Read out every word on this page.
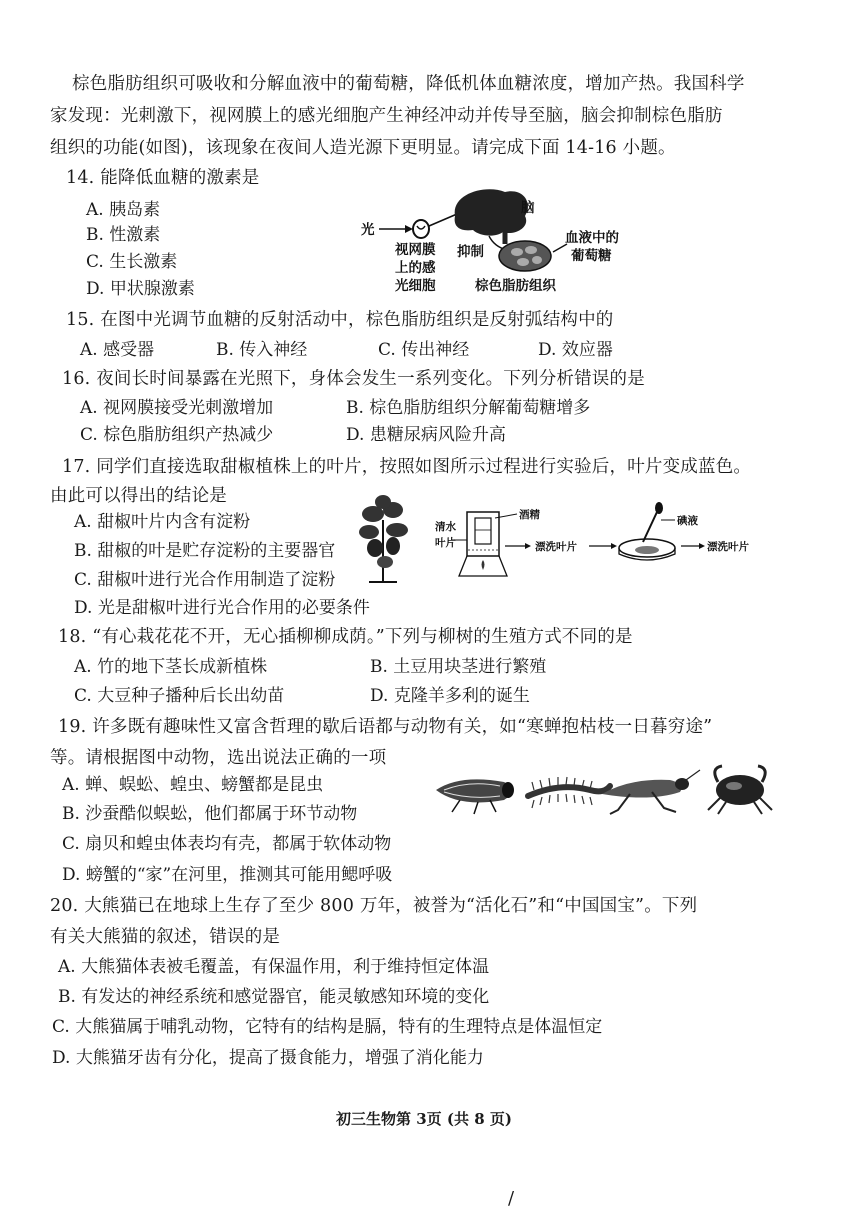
棕色脂肪组织可吸收和分解血液中的葡萄糖，降低机体血糖浓度，增加产热。我国科学
家发现：光刺激下，视网膜上的感光细胞产生神经冲动并传导至脑，脑会抑制棕色脂肪
组织的功能(如图)，该现象在夜间人造光源下更明显。请完成下面 14-16 小题。
14. 能降低血糖的激素是
A. 胰岛素
B. 性激素
C. 生长激素
D. 甲状腺激素
光
脑
视网膜
上的感
光细胞
抑制
血液中的
葡萄糖
棕色脂肪组织
15. 在图中光调节血糖的反射活动中，棕色脂肪组织是反射弧结构中的
A. 感受器	B. 传入神经	C. 传出神经	D. 效应器
16. 夜间长时间暴露在光照下，身体会发生一系列变化。下列分析错误的是
A. 视网膜接受光刺激增加	B. 棕色脂肪组织分解葡萄糖增多
C. 棕色脂肪组织产热减少	D. 患糖尿病风险升高
17. 同学们直接选取甜椒植株上的叶片，按照如图所示过程进行实验后，叶片变成蓝色。
由此可以得出的结论是
A. 甜椒叶片内含有淀粉
B. 甜椒的叶是贮存淀粉的主要器官
C. 甜椒叶进行光合作用制造了淀粉
D. 光是甜椒叶进行光合作用的必要条件
清水
叶片
酒精
漂洗叶片
碘液
漂洗叶片
18. “有心栽花花不开，无心插柳柳成荫。”下列与柳树的生殖方式不同的是
A. 竹的地下茎长成新植株	B. 土豆用块茎进行繁殖
C. 大豆种子播种后长出幼苗	D. 克隆羊多利的诞生
19. 许多既有趣味性又富含哲理的歇后语都与动物有关，如“寒蝉抱枯枝一日暮穷途”
等。请根据图中动物，选出说法正确的一项
A. 蝉、蜈蚣、蝗虫、螃蟹都是昆虫
B. 沙蚕酷似蜈蚣，他们都属于环节动物
C. 扇贝和蝗虫体表均有壳，都属于软体动物
D. 螃蟹的“家”在河里，推测其可能用鳃呼吸
20. 大熊猫已在地球上生存了至少 800 万年，被誉为“活化石”和“中国国宝”。下列
有关大熊猫的叙述，错误的是
A. 大熊猫体表被毛覆盖，有保温作用，利于维持恒定体温
B. 有发达的神经系统和感觉器官，能灵敏感知环境的变化
C. 大熊猫属于哺乳动物，它特有的结构是膈，特有的生理特点是体温恒定
D. 大熊猫牙齿有分化，提高了摄食能力，增强了消化能力
初三生物第 3页 (共 8 页)
/
